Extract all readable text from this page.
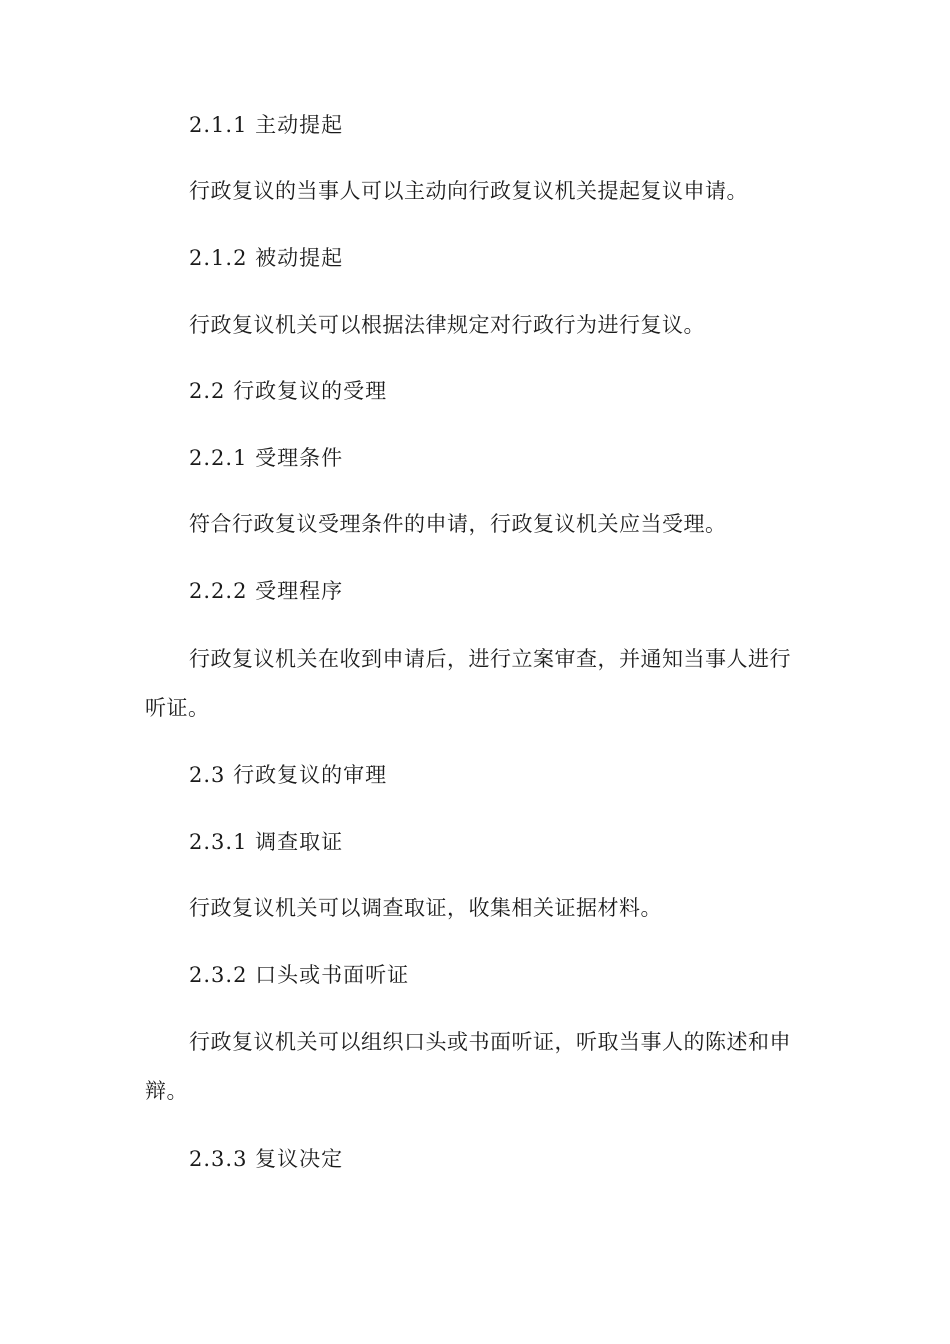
2.1.1 主动提起

行政复议的当事人可以主动向行政复议机关提起复议申请。

2.1.2 被动提起

行政复议机关可以根据法律规定对行政行为进行复议。

2.2 行政复议的受理

2.2.1 受理条件

符合行政复议受理条件的申请，行政复议机关应当受理。

2.2.2 受理程序

行政复议机关在收到申请后，进行立案审查，并通知当事人进行听证。

2.3 行政复议的审理

2.3.1 调查取证

行政复议机关可以调查取证，收集相关证据材料。

2.3.2 口头或书面听证

行政复议机关可以组织口头或书面听证，听取当事人的陈述和申辩。

2.3.3 复议决定
